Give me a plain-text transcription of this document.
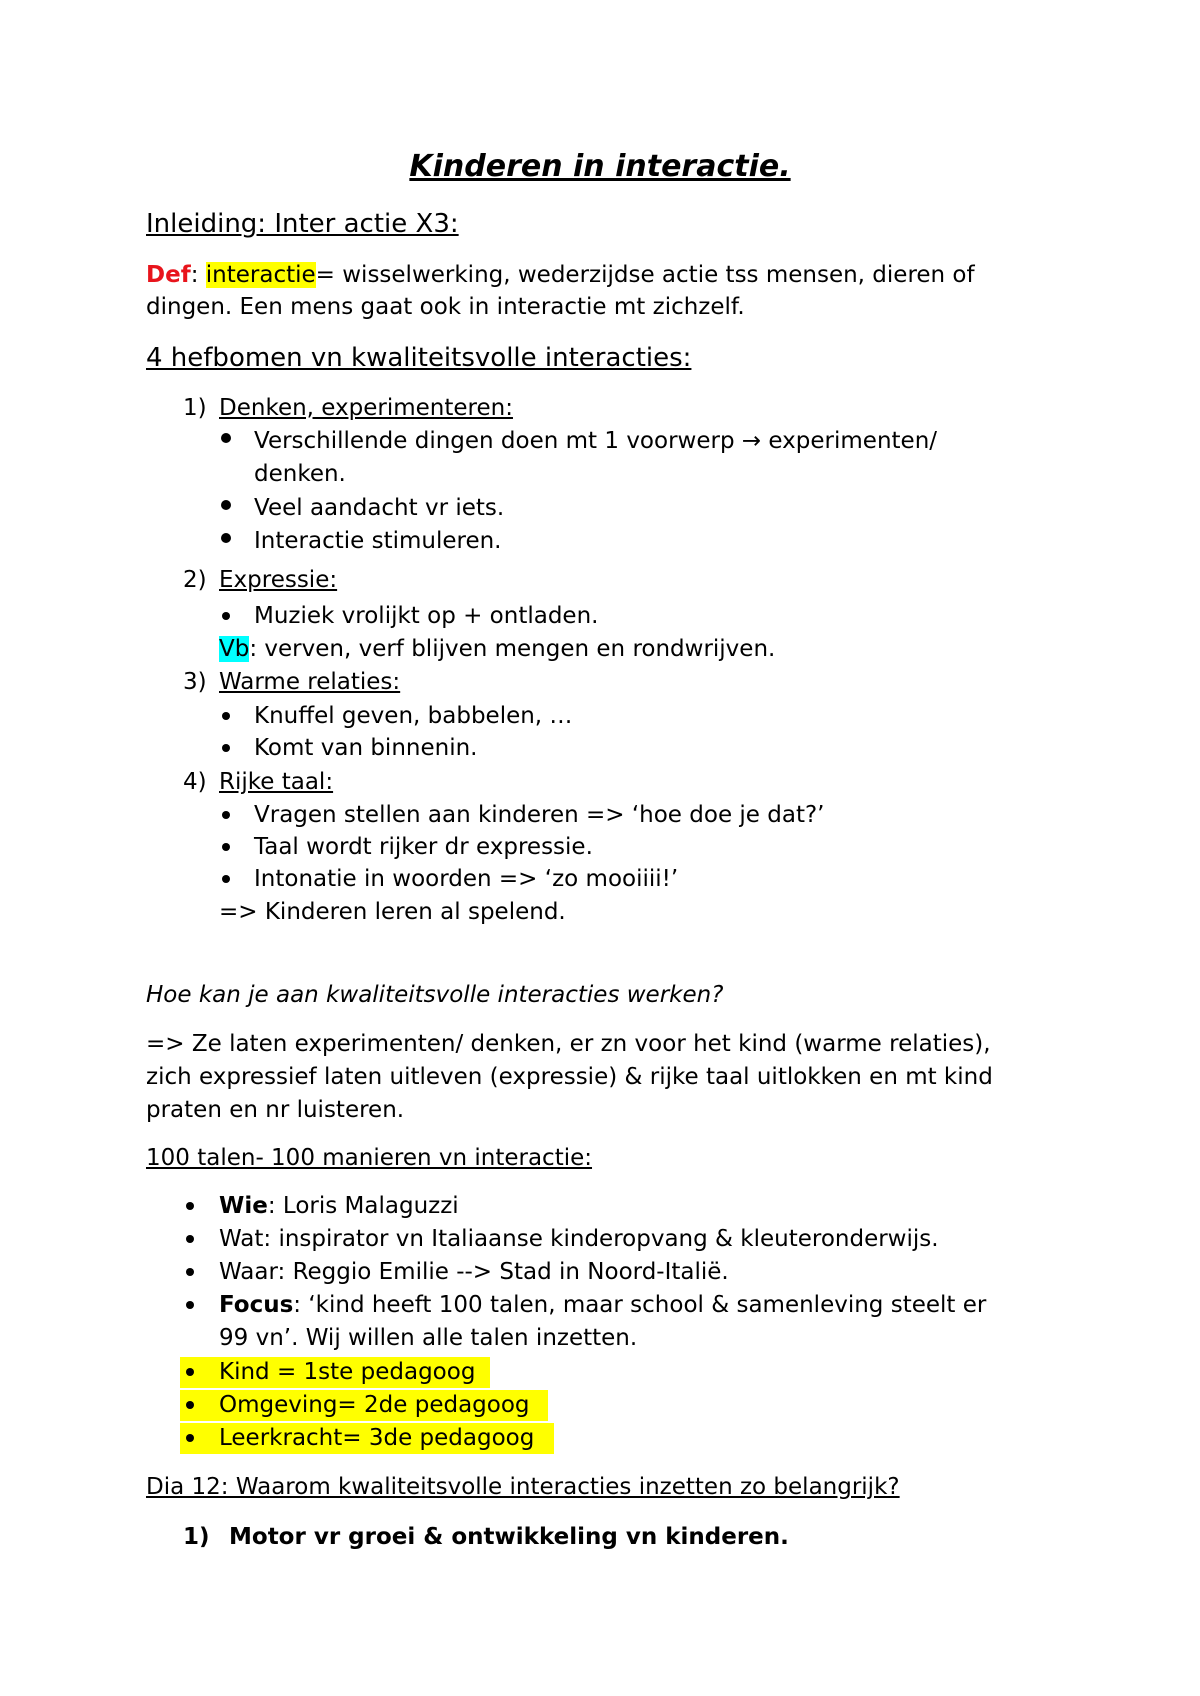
Kinderen in interactie.
Inleiding: Inter actie X3:
Def: interactie= wisselwerking, wederzijdse actie tss mensen, dieren of
dingen. Een mens gaat ook in interactie mt zichzelf.
4 hefbomen vn kwaliteitsvolle interacties:
1) Denken, experimenteren:
Verschillende dingen doen mt 1 voorwerp → experimenten/
denken.
Veel aandacht vr iets.
Interactie stimuleren.
2) Expressie:
Muziek vrolijkt op + ontladen.
Vb: verven, verf blijven mengen en rondwrijven.
3) Warme relaties:
Knuffel geven, babbelen, …
Komt van binnenin.
4) Rijke taal:
Vragen stellen aan kinderen => ‘hoe doe je dat?’
Taal wordt rijker dr expressie.
Intonatie in woorden => ‘zo mooiiii!’
=> Kinderen leren al spelend.
Hoe kan je aan kwaliteitsvolle interacties werken?
=> Ze laten experimenten/ denken, er zn voor het kind (warme relaties),
zich expressief laten uitleven (expressie) & rijke taal uitlokken en mt kind
praten en nr luisteren.
100 talen- 100 manieren vn interactie:
Wie: Loris Malaguzzi
Wat: inspirator vn Italiaanse kinderopvang & kleuteronderwijs.
Waar: Reggio Emilie --> Stad in Noord-Italië.
Focus: ‘kind heeft 100 talen, maar school & samenleving steelt er
99 vn’. Wij willen alle talen inzetten.
Kind = 1ste pedagoog
Omgeving= 2de pedagoog
Leerkracht= 3de pedagoog
Dia 12: Waarom kwaliteitsvolle interacties inzetten zo belangrijk?
1) Motor vr groei & ontwikkeling vn kinderen.
